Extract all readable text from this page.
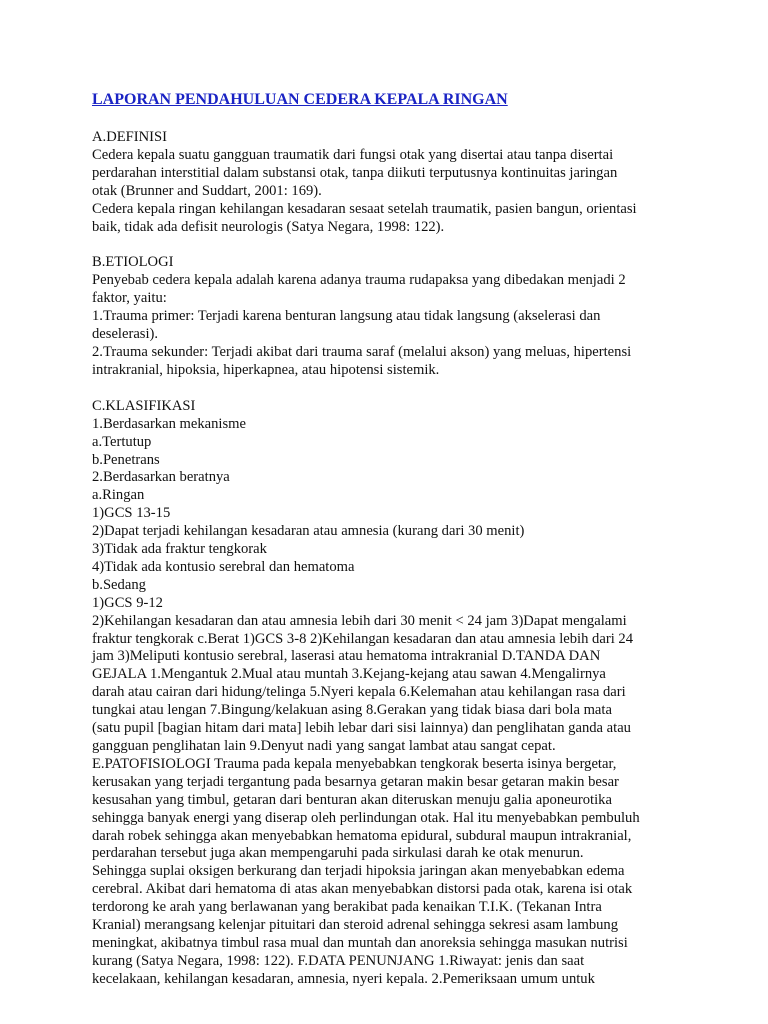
LAPORAN PENDAHULUAN CEDERA KEPALA RINGAN
A.DEFINISI
Cedera kepala suatu gangguan traumatik dari fungsi otak yang disertai atau tanpa disertai
perdarahan interstitial dalam substansi otak, tanpa diikuti terputusnya kontinuitas jaringan
otak (Brunner and Suddart, 2001: 169).
Cedera kepala ringan kehilangan kesadaran sesaat setelah traumatik, pasien bangun, orientasi
baik, tidak ada defisit neurologis (Satya Negara, 1998: 122).
B.ETIOLOGI
Penyebab cedera kepala adalah karena adanya trauma rudapaksa yang dibedakan menjadi 2
faktor, yaitu:
1.Trauma primer: Terjadi karena benturan langsung atau tidak langsung (akselerasi dan
deselerasi).
2.Trauma sekunder: Terjadi akibat dari trauma saraf (melalui akson) yang meluas, hipertensi
intrakranial, hipoksia, hiperkapnea, atau hipotensi sistemik.
C.KLASIFIKASI
1.Berdasarkan mekanisme
a.Tertutup
b.Penetrans
2.Berdasarkan beratnya
a.Ringan
1)GCS 13-15
2)Dapat terjadi kehilangan kesadaran atau amnesia (kurang dari 30 menit)
3)Tidak ada fraktur tengkorak
4)Tidak ada kontusio serebral dan hematoma
b.Sedang
1)GCS 9-12
2)Kehilangan kesadaran dan atau amnesia lebih dari 30 menit < 24 jam 3)Dapat mengalami
fraktur tengkorak c.Berat 1)GCS 3-8 2)Kehilangan kesadaran dan atau amnesia lebih dari 24
jam 3)Meliputi kontusio serebral, laserasi atau hematoma intrakranial D.TANDA DAN
GEJALA 1.Mengantuk 2.Mual atau muntah 3.Kejang-kejang atau sawan 4.Mengalirnya
darah atau cairan dari hidung/telinga 5.Nyeri kepala 6.Kelemahan atau kehilangan rasa dari
tungkai atau lengan 7.Bingung/kelakuan asing 8.Gerakan yang tidak biasa dari bola mata
(satu pupil [bagian hitam dari mata] lebih lebar dari sisi lainnya) dan penglihatan ganda atau
gangguan penglihatan lain 9.Denyut nadi yang sangat lambat atau sangat cepat.
E.PATOFISIOLOGI Trauma pada kepala menyebabkan tengkorak beserta isinya bergetar,
kerusakan yang terjadi tergantung pada besarnya getaran makin besar getaran makin besar
kesusahan yang timbul, getaran dari benturan akan diteruskan menuju galia aponeurotika
sehingga banyak energi yang diserap oleh perlindungan otak. Hal itu menyebabkan pembuluh
darah robek sehingga akan menyebabkan hematoma epidural, subdural maupun intrakranial,
perdarahan tersebut juga akan mempengaruhi pada sirkulasi darah ke otak menurun.
Sehingga suplai oksigen berkurang dan terjadi hipoksia jaringan akan menyebabkan edema
cerebral. Akibat dari hematoma di atas akan menyebabkan distorsi pada otak, karena isi otak
terdorong ke arah yang berlawanan yang berakibat pada kenaikan T.I.K. (Tekanan Intra
Kranial) merangsang kelenjar pituitari dan steroid adrenal sehingga sekresi asam lambung
meningkat, akibatnya timbul rasa mual dan muntah dan anoreksia sehingga masukan nutrisi
kurang (Satya Negara, 1998: 122). F.DATA PENUNJANG 1.Riwayat: jenis dan saat
kecelakaan, kehilangan kesadaran, amnesia, nyeri kepala. 2.Pemeriksaan umum untuk
